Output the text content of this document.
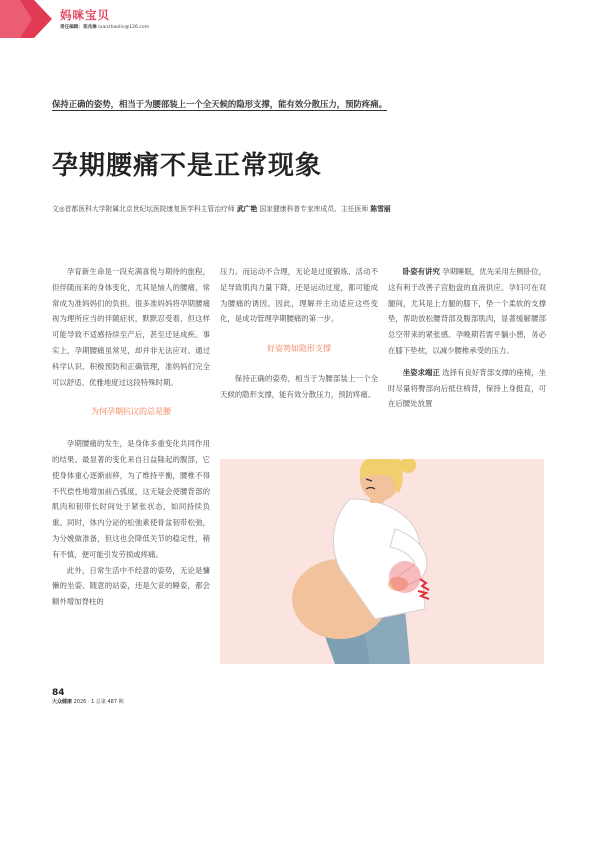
妈咪宝贝
责任编辑：栾兆琳 luanzhaolin@126.com
保持正确的姿势，相当于为腰部装上一个全天候的隐形支撑，能有效分散压力，预防疼痛。
孕期腰痛不是正常现象
文◎首都医科大学附属北京世纪坛医院康复医学科主管治疗师 武广艳 国家健康科普专家库成员、主任医师 陈雪丽

孕育新生命是一段充满喜悦与期待的旅程，但伴随而来的身体变化，尤其是恼人的腰痛，常常成为准妈妈们的负担。很多准妈妈将孕期腰痛视为理所应当的伴随症状，默默忍受着，但这样可能导致不适感持续至产后，甚至迁延成疾。事实上，孕期腰痛虽常见，却并非无法应对。通过科学认识、积极预防和正确管理，准妈妈们完全可以舒适、优雅地度过这段特殊时期。

为何孕期抗议的总是腰

孕期腰痛的发生，是身体多重变化共同作用的结果。最显著的变化来自日益隆起的腹部，它使身体重心逐渐前移，为了维持平衡，腰椎不得不代偿性地增加前凸弧度，这无疑会使腰背部的肌肉和韧带长时间处于紧张状态，如同持续负重。同时，体内分泌的松弛素使骨盆韧带松弛，为分娩做准备，但这也会降低关节的稳定性，稍有不慎，便可能引发劳损或疼痛。

此外，日常生活中不经意的姿势，无论是慵懒的坐姿、随意的站姿，还是欠妥的睡姿，都会额外增加脊柱的

压力。而运动不合理，无论是过度锻炼、活动不足导致肌肉力量下降，还是运动过度，都可能成为腰痛的诱因。因此，理解并主动适应这些变化，是成功管理孕期腰痛的第一步。

好姿势如隐形支撑

保持正确的姿势，相当于为腰部装上一个全天候的隐形支撑，能有效分散压力，预防疼痛。

卧姿有讲究 孕期睡眠，优先采用左侧卧位，这有利于改善子宫胎盘的血液供应。孕妇可在双腿间，尤其是上方腿的膝下，垫一个柔软的支撑垫，帮助放松腰背部及腹部肌肉，显著缓解腰部总空带来的紧张感。孕晚期若需平躺小憩，务必在膝下垫枕，以减少腰椎承受的压力。

坐姿求端正 选择有良好背部支撑的座椅，坐时尽量将臀部向后抵住椅背，保持上身挺直，可在后腰处放置

84
大众健康 2026 · 1 总第 487 期
